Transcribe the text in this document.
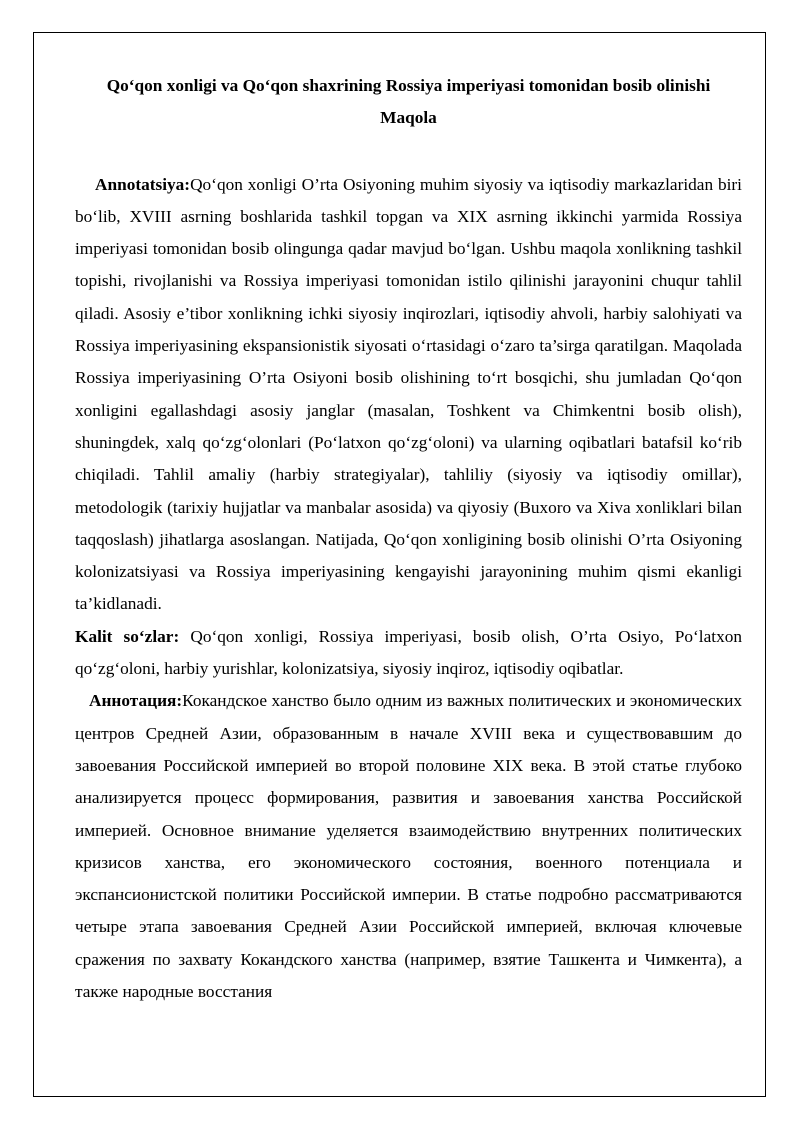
Qo‘qon xonligi va Qo‘qon shaxrining Rossiya imperiyasi tomonidan bosib olinishi

Maqola

Annotatsiya:Qo‘qon xonligi O’rta Osiyoning muhim siyosiy va iqtisodiy markazlaridan biri bo‘lib, XVIII asrning boshlarida tashkil topgan va XIX asrning ikkinchi yarmida Rossiya imperiyasi tomonidan bosib olingunga qadar mavjud bo‘lgan. Ushbu maqola xonlikning tashkil topishi, rivojlanishi va Rossiya imperiyasi tomonidan istilo qilinishi jarayonini chuqur tahlil qiladi. Asosiy e’tibor xonlikning ichki siyosiy inqirozlari, iqtisodiy ahvoli, harbiy salohiyati va Rossiya imperiyasining ekspansionistik siyosati o‘rtasidagi o‘zaro ta’sirga qaratilgan. Maqolada Rossiya imperiyasining O’rta Osiyoni bosib olishining to‘rt bosqichi, shu jumladan Qo‘qon xonligini egallashdagi asosiy janglar (masalan, Toshkent va Chimkentni bosib olish), shuningdek, xalq qo‘zg‘olonlari (Po‘latxon qo‘zg‘oloni) va ularning oqibatlari batafsil ko‘rib chiqiladi. Tahlil amaliy (harbiy strategiyalar), tahliliy (siyosiy va iqtisodiy omillar), metodologik (tarixiy hujjatlar va manbalar asosida) va qiyosiy (Buxoro va Xiva xonliklari bilan taqqoslash) jihatlarga asoslangan. Natijada, Qo‘qon xonligining bosib olinishi O’rta Osiyoning kolonizatsiyasi va Rossiya imperiyasining kengayishi jarayonining muhim qismi ekanligi ta’kidlanadi.

Kalit so‘zlar: Qo‘qon xonligi, Rossiya imperiyasi, bosib olish, O’rta Osiyo, Po‘latxon qo‘zg‘oloni, harbiy yurishlar, kolonizatsiya, siyosiy inqiroz, iqtisodiy oqibatlar.

Аннотация:Кокандское ханство было одним из важных политических и экономических центров Средней Азии, образованным в начале XVIII века и существовавшим до завоевания Российской империей во второй половине XIX века. В этой статье глубоко анализируется процесс формирования, развития и завоевания ханства Российской империей. Основное внимание уделяется взаимодействию внутренних политических кризисов ханства, его экономического состояния, военного потенциала и экспансионистской политики Российской империи. В статье подробно рассматриваются четыре этапа завоевания Средней Азии Российской империей, включая ключевые сражения по захвату Кокандского ханства (например, взятие Ташкента и Чимкента), а также народные восстания
